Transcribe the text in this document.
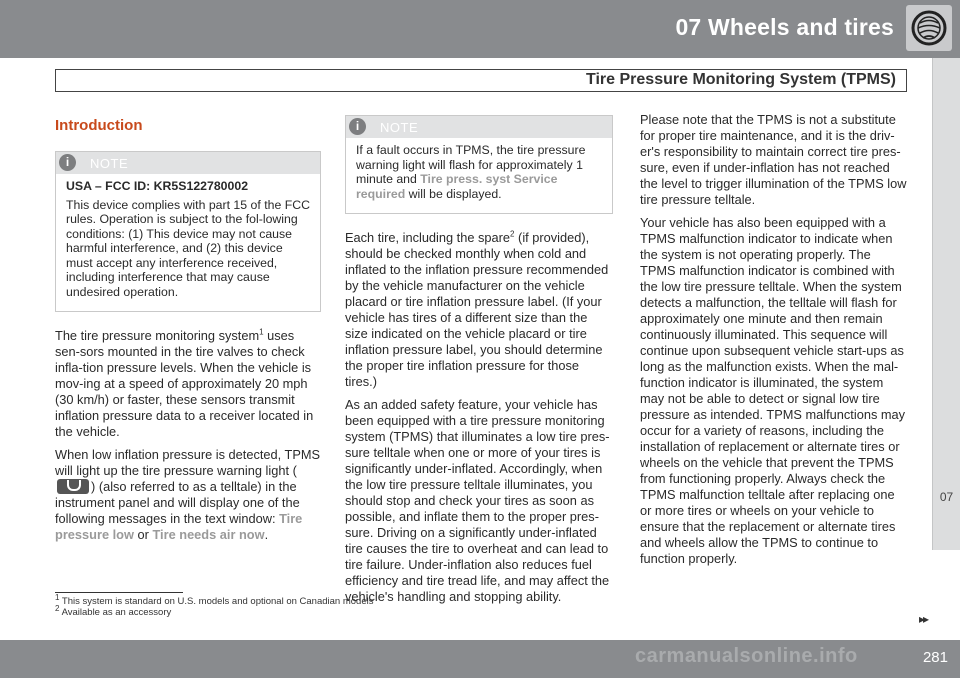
07 Wheels and tires
Tire Pressure Monitoring System (TPMS)
07
Introduction
i	NOTE

USA – FCC ID: KR5S122780002

This device complies with part 15 of the FCC rules. Operation is subject to the fol-lowing conditions: (1) This device may not cause harmful interference, and (2) this device must accept any interference received, including interference that may cause undesired operation.

The tire pressure monitoring system$^1$ uses sen-sors mounted in the tire valves to check infla-tion pressure levels. When the vehicle is mov-ing at a speed of approximately 20 mph (30 km/h) or faster, these sensors transmit inflation pressure data to a receiver located in the vehicle.

When low inflation pressure is detected, TPMS will light up the tire pressure warning light (
) (also referred to as a telltale) in the instrument panel and will display one of the following messages in the text window: Tire pressure low or Tire needs air now.

i	NOTE

If a fault occurs in TPMS, the tire pressure warning light will flash for approximately 1 minute and Tire press. syst Service required will be displayed.

Each tire, including the spare$^2$ (if provided), should be checked monthly when cold and inflated to the inflation pressure recommended by the vehicle manufacturer on the vehicle placard or tire inflation pressure label. (If your vehicle has tires of a different size than the size indicated on the vehicle placard or tire inflation pressure label, you should determine the proper tire inflation pressure for those tires.)

As an added safety feature, your vehicle has been equipped with a tire pressure monitoring system (TPMS) that illuminates a low tire pres-sure telltale when one or more of your tires is significantly under-inflated. Accordingly, when the low tire pressure telltale illuminates, you should stop and check your tires as soon as possible, and inflate them to the proper pres-sure. Driving on a significantly under-inflated tire causes the tire to overheat and can lead to tire failure. Under-inflation also reduces fuel efficiency and tire tread life, and may affect the vehicle's handling and stopping ability.

Please note that the TPMS is not a substitute for proper tire maintenance, and it is the driv-er's responsibility to maintain correct tire pres-sure, even if under-inflation has not reached the level to trigger illumination of the TPMS low tire pressure telltale.

Your vehicle has also been equipped with a TPMS malfunction indicator to indicate when the system is not operating properly. The TPMS malfunction indicator is combined with the low tire pressure telltale. When the system detects a malfunction, the telltale will flash for approximately one minute and then remain continuously illuminated. This sequence will continue upon subsequent vehicle start-ups as long as the malfunction exists. When the mal-function indicator is illuminated, the system may not be able to detect or signal low tire pressure as intended. TPMS malfunctions may occur for a variety of reasons, including the installation of replacement or alternate tires or wheels on the vehicle that prevent the TPMS from functioning properly. Always check the TPMS malfunction telltale after replacing one or more tires or wheels on your vehicle to ensure that the replacement or alternate tires and wheels allow the TPMS to continue to function properly.

$^1$ This system is standard on U.S. models and optional on Canadian models
$^2$ Available as an accessory	▸▸
281
carmanualsonline.info
